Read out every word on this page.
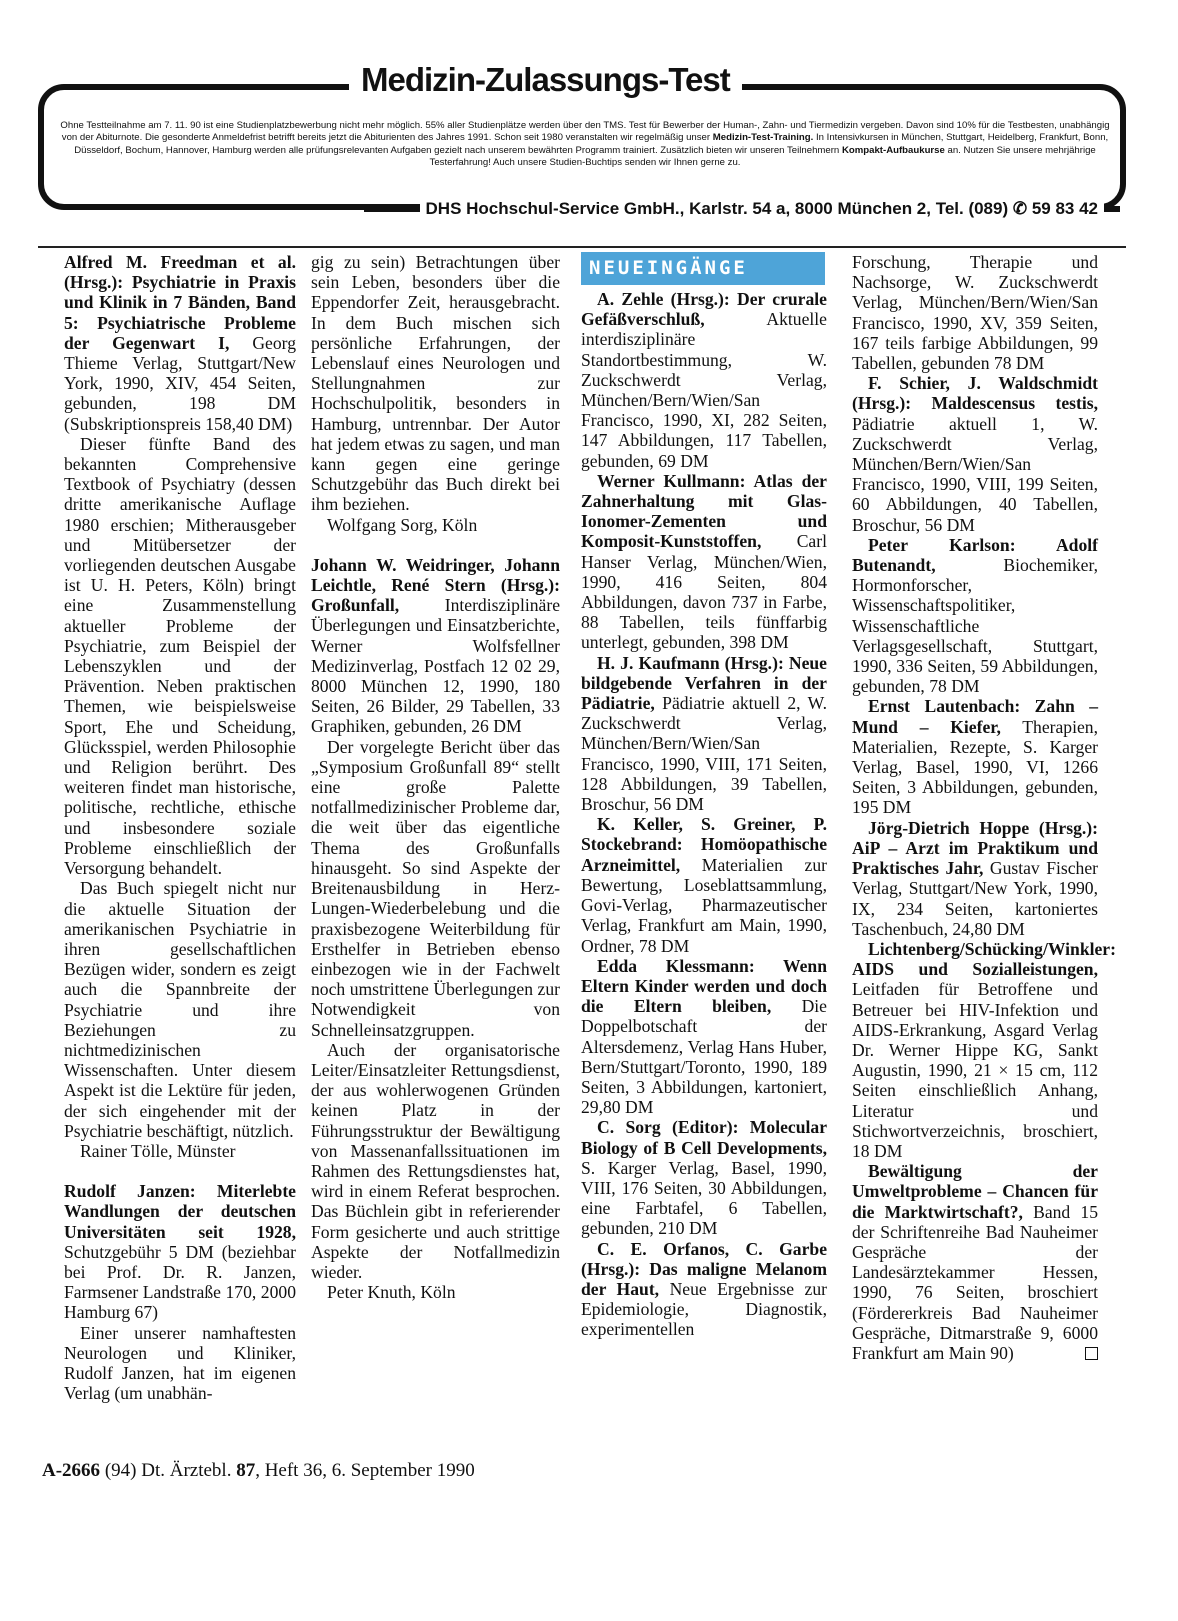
Medizin-Zulassungs-Test
Ohne Testteilnahme am 7. 11. 90 ist eine Studienplatzbewerbung nicht mehr möglich. 55% aller Studienplätze werden über den TMS. Test für Bewerber der Human-, Zahn- und Tiermedizin vergeben. Davon sind 10% für die Testbesten, unabhängig von der Abiturnote. Die gesonderte Anmeldefrist betrifft bereits jetzt die Abiturienten des Jahres 1991. Schon seit 1980 veranstalten wir regelmäßig unser Medizin-Test-Training. In Intensivkursen in München, Stuttgart, Heidelberg, Frankfurt, Bonn, Düsseldorf, Bochum, Hannover, Hamburg werden alle prüfungsrelevanten Aufgaben gezielt nach unserem bewährten Programm trainiert. Zusätzlich bieten wir unseren Teilnehmern Kompakt-Aufbaukurse an. Nutzen Sie unsere mehrjährige Testerfahrung! Auch unsere Studien-Buchtips senden wir Ihnen gerne zu.
DHS Hochschul-Service GmbH., Karlstr. 54 a, 8000 München 2, Tel. (089) ✆ 59 83 42

Alfred M. Freedman et al. (Hrsg.): Psychiatrie in Praxis und Klinik in 7 Bänden, Band 5: Psychiatrische Probleme der Gegenwart I, Georg Thieme Verlag, Stuttgart/New York, 1990, XIV, 454 Seiten, gebunden, 198 DM (Subskriptionspreis 158,40 DM)

Dieser fünfte Band des bekannten Comprehensive Textbook of Psychiatry (dessen dritte amerikanische Auflage 1980 erschien; Mitherausgeber und Mitübersetzer der vorliegenden deutschen Ausgabe ist U. H. Peters, Köln) bringt eine Zusammenstellung aktueller Probleme der Psychiatrie, zum Beispiel der Lebenszyklen und der Prävention. Neben praktischen Themen, wie beispielsweise Sport, Ehe und Scheidung, Glücksspiel, werden Philosophie und Religion berührt. Des weiteren findet man historische, politische, rechtliche, ethische und insbesondere soziale Probleme einschließlich der Versorgung behandelt.

Das Buch spiegelt nicht nur die aktuelle Situation der amerikanischen Psychiatrie in ihren gesellschaftlichen Bezügen wider, sondern es zeigt auch die Spannbreite der Psychiatrie und ihre Beziehungen zu nichtmedizinischen Wissenschaften. Unter diesem Aspekt ist die Lektüre für jeden, der sich eingehender mit der Psychiatrie beschäftigt, nützlich.

Rainer Tölle, Münster

Rudolf Janzen: Miterlebte Wandlungen der deutschen Universitäten seit 1928, Schutzgebühr 5 DM (beziehbar bei Prof. Dr. R. Janzen, Farmsener Landstraße 170, 2000 Hamburg 67)

Einer unserer namhaftesten Neurologen und Kliniker, Rudolf Janzen, hat im eigenen Verlag (um unabhän-

gig zu sein) Betrachtungen über sein Leben, besonders über die Eppendorfer Zeit, herausgebracht. In dem Buch mischen sich persönliche Erfahrungen, der Lebenslauf eines Neurologen und Stellungnahmen zur Hochschulpolitik, besonders in Hamburg, untrennbar. Der Autor hat jedem etwas zu sagen, und man kann gegen eine geringe Schutzgebühr das Buch direkt bei ihm beziehen.

Wolfgang Sorg, Köln

Johann W. Weidringer, Johann Leichtle, René Stern (Hrsg.): Großunfall, Interdisziplinäre Überlegungen und Einsatzberichte, Werner Wolfsfellner Medizinverlag, Postfach 12 02 29, 8000 München 12, 1990, 180 Seiten, 26 Bilder, 29 Tabellen, 33 Graphiken, gebunden, 26 DM

Der vorgelegte Bericht über das „Symposium Großunfall 89“ stellt eine große Palette notfallmedizinischer Probleme dar, die weit über das eigentliche Thema des Großunfalls hinausgeht. So sind Aspekte der Breitenausbildung in Herz-Lungen-Wiederbelebung und die praxisbezogene Weiterbildung für Ersthelfer in Betrieben ebenso einbezogen wie in der Fachwelt noch umstrittene Überlegungen zur Notwendigkeit von Schnelleinsatzgruppen.

Auch der organisatorische Leiter/Einsatzleiter Rettungsdienst, der aus wohlerwogenen Gründen keinen Platz in der Führungsstruktur der Bewältigung von Massenanfallssituationen im Rahmen des Rettungsdienstes hat, wird in einem Referat besprochen. Das Büchlein gibt in referierender Form gesicherte und auch strittige Aspekte der Notfallmedizin wieder.

Peter Knuth, Köln

NEUEINGÄNGE

A. Zehle (Hrsg.): Der crurale Gefäßverschluß, Aktuelle interdisziplinäre Standortbestimmung, W. Zuckschwerdt Verlag, München/Bern/Wien/San Francisco, 1990, XI, 282 Seiten, 147 Abbildungen, 117 Tabellen, gebunden, 69 DM

Werner Kullmann: Atlas der Zahnerhaltung mit Glas-Ionomer-Zementen und Komposit-Kunststoffen, Carl Hanser Verlag, München/Wien, 1990, 416 Seiten, 804 Abbildungen, davon 737 in Farbe, 88 Tabellen, teils fünffarbig unterlegt, gebunden, 398 DM

H. J. Kaufmann (Hrsg.): Neue bildgebende Verfahren in der Pädiatrie, Pädiatrie aktuell 2, W. Zuckschwerdt Verlag, München/Bern/Wien/San Francisco, 1990, VIII, 171 Seiten, 128 Abbildungen, 39 Tabellen, Broschur, 56 DM

K. Keller, S. Greiner, P. Stockebrand: Homöopathische Arzneimittel, Materialien zur Bewertung, Loseblattsammlung, Govi-Verlag, Pharmazeutischer Verlag, Frankfurt am Main, 1990, Ordner, 78 DM

Edda Klessmann: Wenn Eltern Kinder werden und doch die Eltern bleiben, Die Doppelbotschaft der Altersdemenz, Verlag Hans Huber, Bern/Stuttgart/Toronto, 1990, 189 Seiten, 3 Abbildungen, kartoniert, 29,80 DM

C. Sorg (Editor): Molecular Biology of B Cell Developments, S. Karger Verlag, Basel, 1990, VIII, 176 Seiten, 30 Abbildungen, eine Farbtafel, 6 Tabellen, gebunden, 210 DM

C. E. Orfanos, C. Garbe (Hrsg.): Das maligne Melanom der Haut, Neue Ergebnisse zur Epidemiologie, Diagnostik, experimentellen

Forschung, Therapie und Nachsorge, W. Zuckschwerdt Verlag, München/Bern/Wien/San Francisco, 1990, XV, 359 Seiten, 167 teils farbige Abbildungen, 99 Tabellen, gebunden 78 DM

F. Schier, J. Waldschmidt (Hrsg.): Maldescensus testis, Pädiatrie aktuell 1, W. Zuckschwerdt Verlag, München/Bern/Wien/San Francisco, 1990, VIII, 199 Seiten, 60 Abbildungen, 40 Tabellen, Broschur, 56 DM

Peter Karlson: Adolf Butenandt, Biochemiker, Hormonforscher, Wissenschaftspolitiker, Wissenschaftliche Verlagsgesellschaft, Stuttgart, 1990, 336 Seiten, 59 Abbildungen, gebunden, 78 DM

Ernst Lautenbach: Zahn – Mund – Kiefer, Therapien, Materialien, Rezepte, S. Karger Verlag, Basel, 1990, VI, 1266 Seiten, 3 Abbildungen, gebunden, 195 DM

Jörg-Dietrich Hoppe (Hrsg.): AiP – Arzt im Praktikum und Praktisches Jahr, Gustav Fischer Verlag, Stuttgart/New York, 1990, IX, 234 Seiten, kartoniertes Taschenbuch, 24,80 DM

Lichtenberg/Schücking/Winkler: AIDS und Sozialleistungen, Leitfaden für Betroffene und Betreuer bei HIV-Infektion und AIDS-Erkrankung, Asgard Verlag Dr. Werner Hippe KG, Sankt Augustin, 1990, 21 × 15 cm, 112 Seiten einschließlich Anhang, Literatur und Stichwortverzeichnis, broschiert, 18 DM

Bewältigung der Umweltprobleme – Chancen für die Marktwirtschaft?, Band 15 der Schriftenreihe Bad Nauheimer Gespräche der Landesärztekammer Hessen, 1990, 76 Seiten, broschiert (Fördererkreis Bad Nauheimer Gespräche, Ditmarstraße 9, 6000 Frankfurt am Main 90)

A-2666 (94) Dt. Ärztebl. 87, Heft 36, 6. September 1990
